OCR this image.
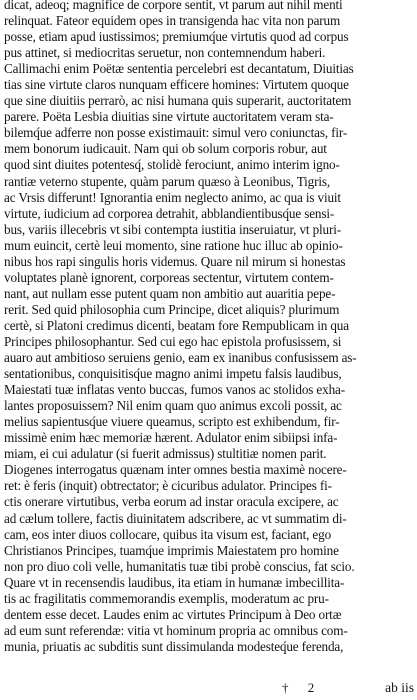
dicat, adeoq; magnifice de corpore sentit, vt parum aut nihil menti
relinquat. Fateor equidem opes in transigenda hac vita non parum
posse, etiam apud iustissimos; premiumq́ue virtutis quod ad corpus
pus attinet, si mediocritas seruetur, non contemnendum haberi.
Callimachi enim Poëtæ sententia percelebri est decantatum, Diuitias
tias sine virtute claros nunquam efficere homines: Virtutem quoque
que sine diuitiis perrarò, ac nisi humana quis superarit, auctoritatem
parere. Poëta Lesbia diuitias sine virtute auctoritatem veram sta-
bilemq́ue adferre non posse existimauit: simul vero coniunctas, fir-
mem bonorum iudicauit. Nam qui ob solum corporis robur, aut
quod sint diuites potentesq́, stolidè ferociunt, animo interim igno-
rantiæ veterno stupente, quàm parum quæso à Leonibus, Tigris,
ac Vrsis differunt! Ignorantia enim neglecto animo, ac qua is viuit
virtute, iudicium ad corporea detrahit, abblandientibusq́ue sensi-
bus, variis illecebris vt sibi contempta iustitia inseruiatur, vt pluri-
mum euincit, certè leui momento, sine ratione huc illuc ab opinio-
nibus hos rapi singulis horis videmus. Quare nil mirum si honestas
voluptates planè ignorent, corporeas sectentur, virtutem contem-
nant, aut nullam esse putent quam non ambitio aut auaritia pepe-
rerit. Sed quid philosophia cum Principe, dicet aliquis? plurimum
certè, si Platoni credimus dicenti, beatam fore Rempublicam in qua
Principes philosophantur. Sed cui ego hac epistola profusissem, si
auaro aut ambitioso seruiens genio, eam ex inanibus confusissem as-
sentationibus, conquisitisq́ue magno animi impetu falsis laudibus,
Maiestati tuæ inflatas vento buccas, fumos vanos ac stolidos exha-
lantes proposuissem? Nil enim quam quo animus excoli possit, ac
melius sapientusq́ue viuere queamus, scripto est exhibendum, fir-
missimè enim hæc memoriæ hærent. Adulator enim sibiipsi infa-
miam, ei cui adulatur (si fuerit admissus) stultitiæ nomen parit.
Diogenes interrogatus quænam inter omnes bestia maximè nocere-
ret: è feris (inquit) obtrectator; è cicuribus adulator. Principes fi-
ctis onerare virtutibus, verba eorum ad instar oracula excipere, ac
ad cælum tollere, factis diuinitatem adscribere, ac vt summatim di-
cam, eos inter diuos collocare, quibus ita visum est, faciant, ego
Christianos Principes, tuamq́ue imprimis Maiestatem pro homine
non pro diuo coli velle, humanitatis tuæ tibi probè conscius, fat scio.
Quare vt in recensendis laudibus, ita etiam in humanæ imbecillita-
tis ac fragilitatis commemorandis exemplis, moderatum ac pru-
dentem esse decet. Laudes enim ac virtutes Principum à Deo ortæ
ad eum sunt referendæ: vitia vt hominum propria ac omnibus com-
munia, priuatis ac subditis sunt dissimulanda modesteq́ue ferenda,
† 2	ab iis
